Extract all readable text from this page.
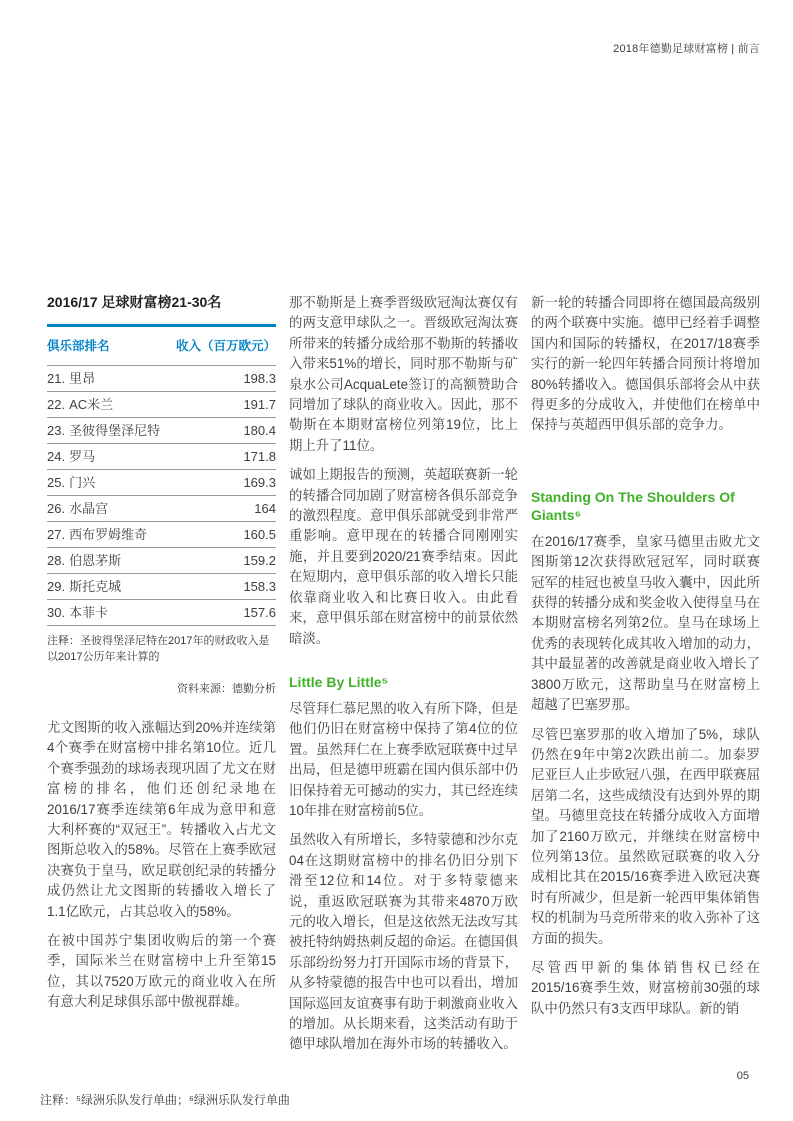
2018年德勤足球财富榜 | 前言
2016/17 足球财富榜21-30名
俱乐部排名	收入（百万欧元）
21. 里昂	198.3
22. AC米兰	191.7
23. 圣彼得堡泽尼特	180.4
24. 罗马	171.8
25. 门兴	169.3
26. 水晶宫	164
27. 西布罗姆维奇	160.5
28. 伯恩茅斯	159.2
29. 斯托克城	158.3
30. 本菲卡	157.6

注释：圣彼得堡泽尼特在2017年的财政收入是以2017公历年来计算的

资料来源：德勤分析

尤文图斯的收入涨幅达到20%并连续第4个赛季在财富榜中排名第10位。近几个赛季强劲的球场表现巩固了尤文在财富榜的排名，他们还创纪录地在2016/17赛季连续第6年成为意甲和意大利杯赛的“双冠王”。转播收入占尤文图斯总收入的58%。尽管在上赛季欧冠决赛负于皇马，欧足联创纪录的转播分成仍然让尤文图斯的转播收入增长了1.1亿欧元，占其总收入的58%。

在被中国苏宁集团收购后的第一个赛季，国际米兰在财富榜中上升至第15位，其以7520万欧元的商业收入在所有意大利足球俱乐部中傲视群雄。

那不勒斯是上赛季晋级欧冠淘汰赛仅有的两支意甲球队之一。晋级欧冠淘汰赛所带来的转播分成给那不勒斯的转播收入带来51%的增长，同时那不勒斯与矿泉水公司AcquaLete签订的高额赞助合同增加了球队的商业收入。因此，那不勒斯在本期财富榜位列第19位，比上期上升了11位。

诚如上期报告的预测，英超联赛新一轮的转播合同加剧了财富榜各俱乐部竞争的激烈程度。意甲俱乐部就受到非常严重影响。意甲现在的转播合同刚刚实施，并且要到2020/21赛季结束。因此在短期内，意甲俱乐部的收入增长只能依靠商业收入和比赛日收入。由此看来，意甲俱乐部在财富榜中的前景依然暗淡。

Little By Little⁵

尽管拜仁慕尼黑的收入有所下降，但是他们仍旧在财富榜中保持了第4位的位置。虽然拜仁在上赛季欧冠联赛中过早出局，但是德甲班霸在国内俱乐部中仍旧保持着无可撼动的实力，其已经连续10年排在财富榜前5位。

虽然收入有所增长，多特蒙德和沙尔克04在这期财富榜中的排名仍旧分别下滑至12位和14位。对于多特蒙德来说，重返欧冠联赛为其带来4870万欧元的收入增长，但是这依然无法改写其被托特纳姆热刺反超的命运。在德国俱乐部纷纷努力打开国际市场的背景下，从多特蒙德的报告中也可以看出，增加国际巡回友谊赛事有助于刺激商业收入的增加。从长期来看，这类活动有助于德甲球队增加在海外市场的转播收入。

新一轮的转播合同即将在德国最高级别的两个联赛中实施。德甲已经着手调整国内和国际的转播权，在2017/18赛季实行的新一轮四年转播合同预计将增加80%转播收入。德国俱乐部将会从中获得更多的分成收入，并使他们在榜单中保持与英超西甲俱乐部的竞争力。

Standing On The Shoulders Of Giants⁶

在2016/17赛季，皇家马德里击败尤文图斯第12次获得欧冠冠军，同时联赛冠军的桂冠也被皇马收入囊中，因此所获得的转播分成和奖金收入使得皇马在本期财富榜名列第2位。皇马在球场上优秀的表现转化成其收入增加的动力，其中最显著的改善就是商业收入增长了3800万欧元，这帮助皇马在财富榜上超越了巴塞罗那。

尽管巴塞罗那的收入增加了5%，球队仍然在9年中第2次跌出前二。加泰罗尼亚巨人止步欧冠八强，在西甲联赛屈居第二名，这些成绩没有达到外界的期望。马德里竞技在转播分成收入方面增加了2160万欧元，并继续在财富榜中位列第13位。虽然欧冠联赛的收入分成相比其在2015/16赛季进入欧冠决赛时有所减少，但是新一轮西甲集体销售权的机制为马竞所带来的收入弥补了这方面的损失。

尽管西甲新的集体销售权已经在2015/16赛季生效，财富榜前30强的球队中仍然只有3支西甲球队。新的销

05
注释：⁵绿洲乐队发行单曲；⁶绿洲乐队发行单曲
